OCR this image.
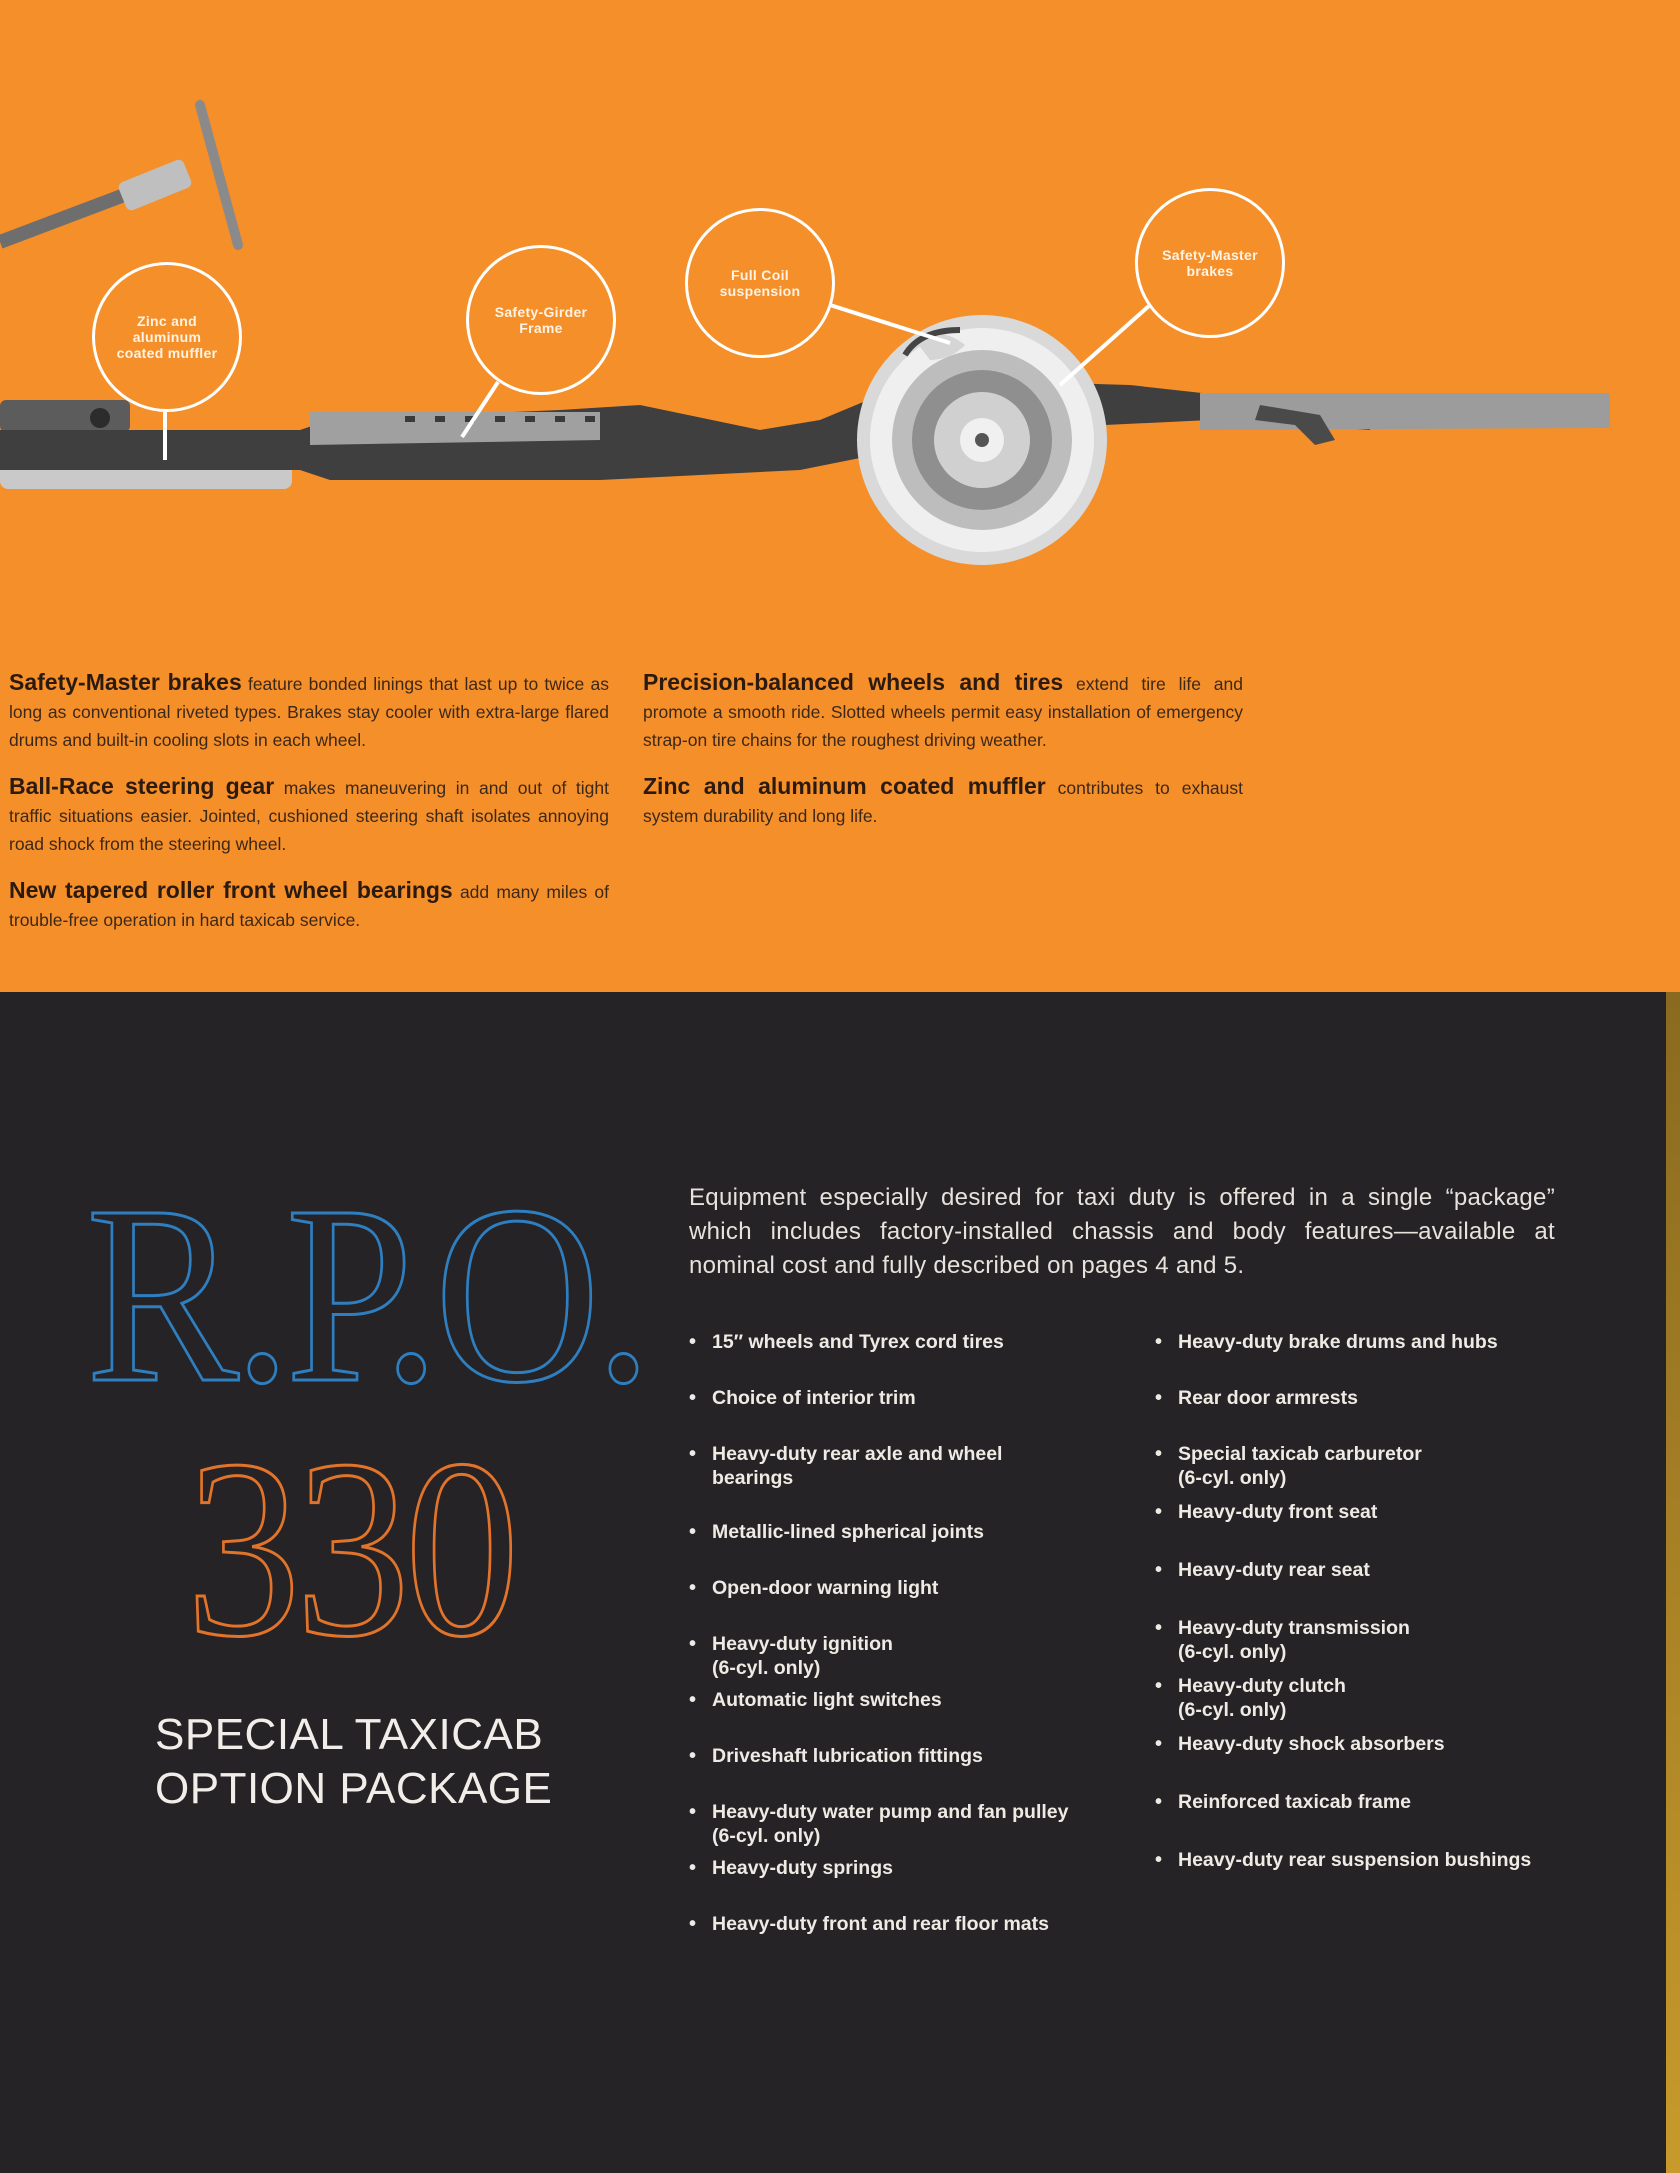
Zinc and
aluminum
coated muffler
Safety-Girder
Frame
Full Coil
suspension
Safety-Master
brakes

Safety-Master brakes feature bonded linings that last up to twice as long as conventional riveted types. Brakes stay cooler with extra-large flared drums and built-in cooling slots in each wheel.

Ball-Race steering gear makes maneuvering in and out of tight traffic situations easier. Jointed, cushioned steering shaft isolates annoying road shock from the steering wheel.

New tapered roller front wheel bearings add many miles of trouble-free operation in hard taxicab service.

Precision-balanced wheels and tires extend tire life and promote a smooth ride. Slotted wheels permit easy installation of emergency strap-on tire chains for the roughest driving weather.

Zinc and aluminum coated muffler contributes to exhaust system durability and long life.

R.P.O.
330
SPECIAL TAXICAB
OPTION PACKAGE

Equipment especially desired for taxi duty is offered in a single “package” which includes factory-installed chassis and body features—available at nominal cost and fully described on pages 4 and 5.

• 15″ wheels and Tyrex cord tires
• Choice of interior trim
• Heavy-duty rear axle and wheel
bearings
• Metallic-lined spherical joints
• Open-door warning light
• Heavy-duty ignition
(6-cyl. only)
• Automatic light switches
• Driveshaft lubrication fittings
• Heavy-duty water pump and fan pulley
(6-cyl. only)
• Heavy-duty springs
• Heavy-duty front and rear floor mats
• Heavy-duty brake drums and hubs
• Rear door armrests
• Special taxicab carburetor
(6-cyl. only)
• Heavy-duty front seat
• Heavy-duty rear seat
• Heavy-duty transmission
(6-cyl. only)
• Heavy-duty clutch
(6-cyl. only)
• Heavy-duty shock absorbers
• Reinforced taxicab frame
• Heavy-duty rear suspension bushings
